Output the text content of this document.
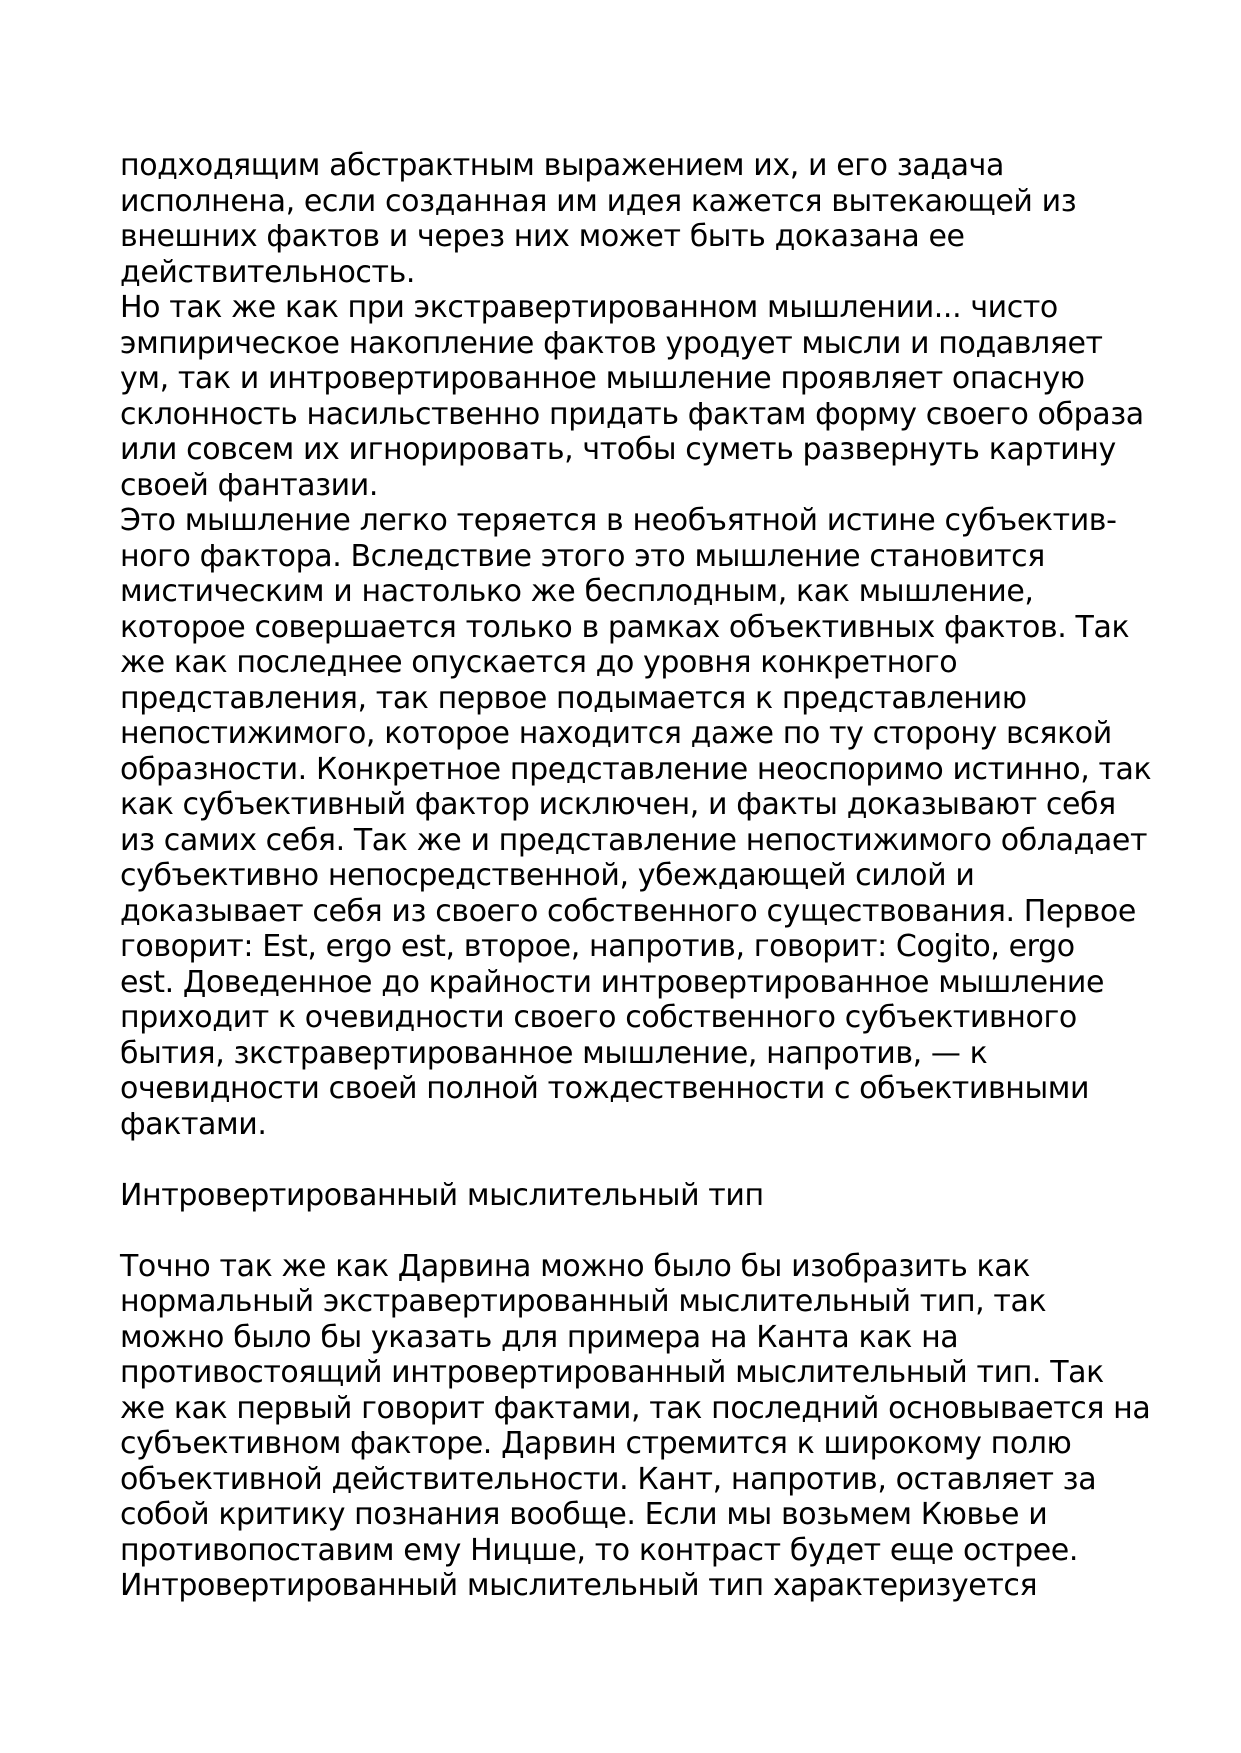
подходящим абстрактным выражением их, и его задача
исполнена, если созданная им идея кажется вытекающей из
внешних фактов и через них может быть доказана ее
действительность.
Но так же как при экстравертированном мышлении... чисто
эмпирическое накопление фактов уродует мысли и подавляет
ум, так и интровертированное мышление проявляет опасную
склонность насильственно придать фактам форму своего образа
или совсем их игнорировать, чтобы суметь развернуть картину
своей фантазии.
Это мышление легко теряется в необъятной истине субъектив-
ного фактора. Вследствие этого это мышление становится
мистическим и настолько же бесплодным, как мышление,
которое совершается только в рамках объективных фактов. Так
же как последнее опускается до уровня конкретного
представления, так первое подымается к представлению
непостижимого, которое находится даже по ту сторону всякой
образности. Конкретное представление неоспоримо истинно, так
как субъективный фактор исключен, и факты доказывают себя
из самих себя. Так же и представление непостижимого обладает
субъективно непосредственной, убеждающей силой и
доказывает себя из своего собственного существования. Первое
говорит: Est, ergo est, второе, напротив, говорит: Cogito, ergo
est. Доведенное до крайности интровертированное мышление
приходит к очевидности своего собственного субъективного
бытия, зкстравертированное мышление, напротив, — к
очевидности своей полной тождественности с объективными
фактами.
Интровертированный мыслительный тип
Точно так же как Дарвина можно было бы изобразить как
нормальный экстравертированный мыслительный тип, так
можно было бы указать для примера на Канта как на
противостоящий интровертированный мыслительный тип. Так
же как первый говорит фактами, так последний основывается на
субъективном факторе. Дарвин стремится к широкому полю
объективной действительности. Кант, напротив, оставляет за
собой критику познания вообще. Если мы возьмем Кювье и
противопоставим ему Ницше, то контраст будет еще острее.
Интровертированный мыслительный тип характеризуется
